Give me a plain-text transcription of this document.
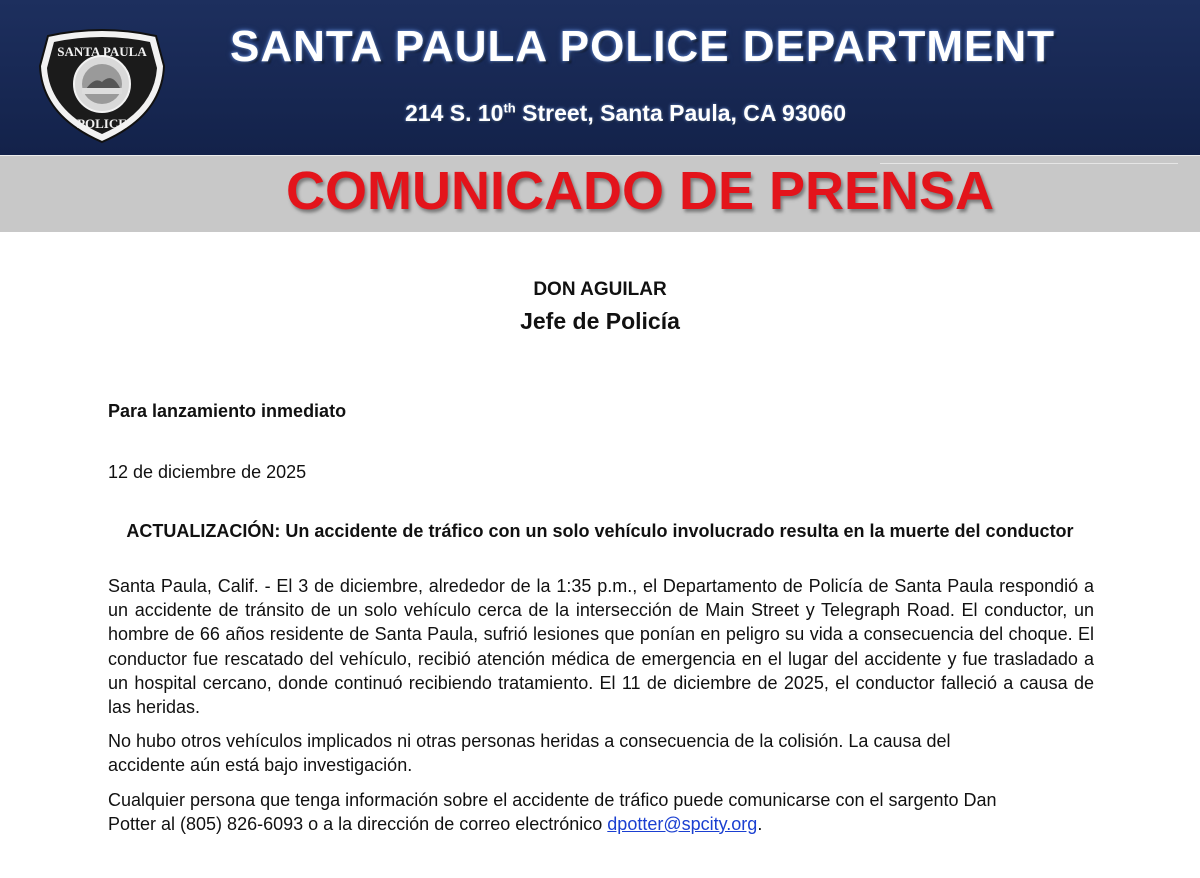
SANTA PAULA
POLICE
SANTA PAULA POLICE DEPARTMENT
214 S. 10th Street, Santa Paula, CA 93060
COMUNICADO DE PRENSA
DON AGUILAR
Jefe de Policía
Para lanzamiento inmediato
12 de diciembre de 2025
ACTUALIZACIÓN: Un accidente de tráfico con un solo vehículo involucrado resulta en la muerte del conductor

Santa Paula, Calif. - El 3 de diciembre, alrededor de la 1:35 p.m., el Departamento de Policía de Santa Paula respondió a un accidente de tránsito de un solo vehículo cerca de la intersección de Main Street y Telegraph Road. El conductor, un hombre de 66 años residente de Santa Paula, sufrió lesiones que ponían en peligro su vida a consecuencia del choque. El conductor fue rescatado del vehículo, recibió atención médica de emergencia en el lugar del accidente y fue trasladado a un hospital cercano, donde continuó recibiendo tratamiento. El 11 de diciembre de 2025, el conductor falleció a causa de las heridas.

No hubo otros vehículos implicados ni otras personas heridas a consecuencia de la colisión. La causa del
accidente aún está bajo investigación.

Cualquier persona que tenga información sobre el accidente de tráfico puede comunicarse con el sargento Dan
Potter al (805) 826-6093 o a la dirección de correo electrónico dpotter@spcity.org.
